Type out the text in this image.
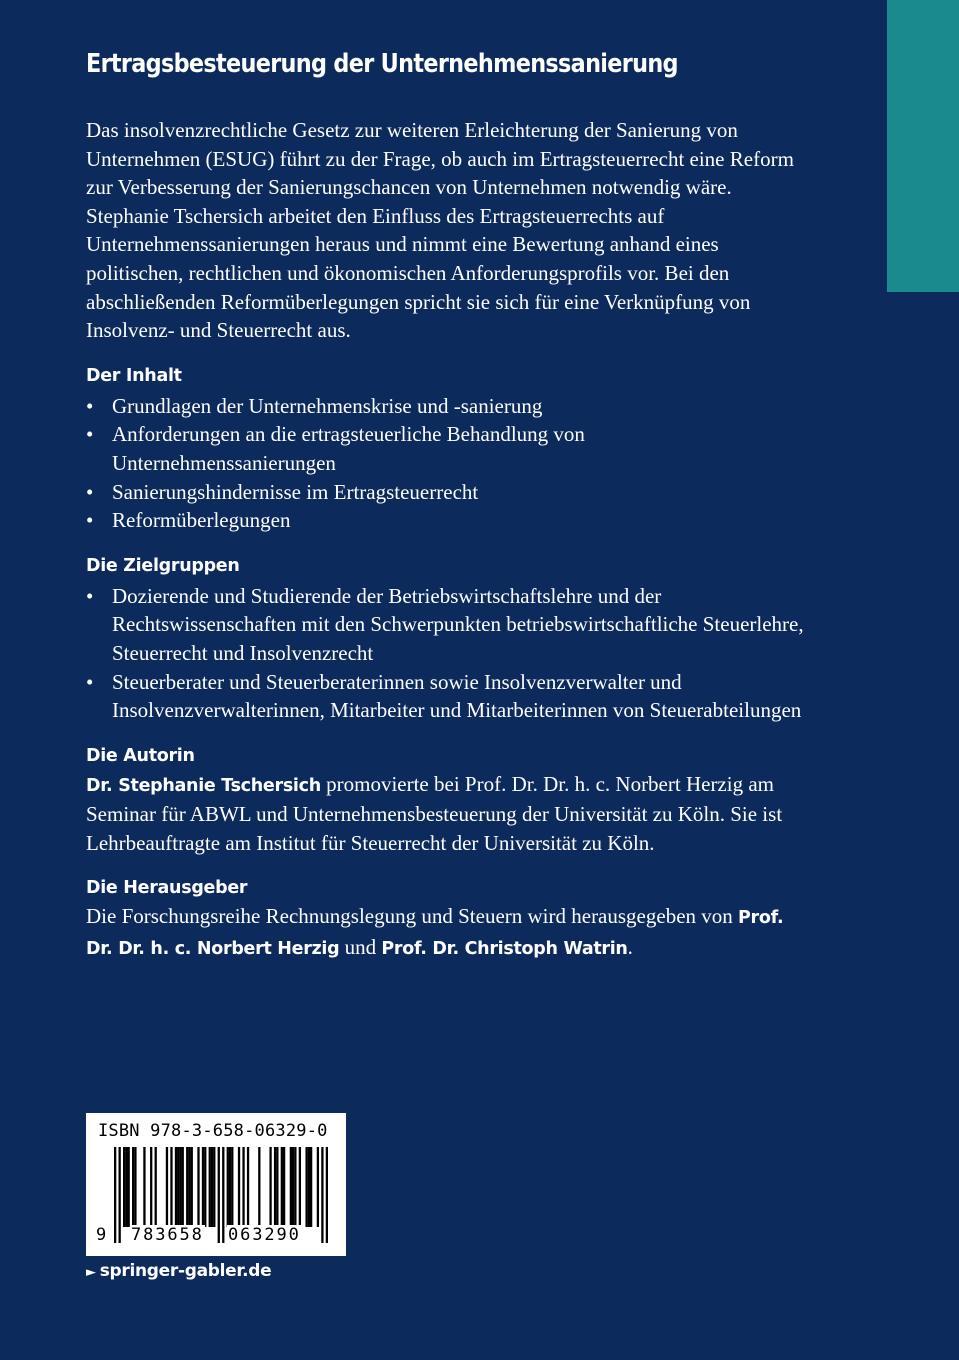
Ertragsbesteuerung der Unternehmenssanierung

Das insolvenzrechtliche Gesetz zur weiteren Erleichterung der Sanierung von Unternehmen (ESUG) führt zu der Frage, ob auch im Ertragsteuerrecht eine Reform zur Verbesserung der Sanierungschancen von Unternehmen notwendig wäre. Stephanie Tschersich arbeitet den Einfluss des Ertragsteuerrechts auf Unternehmenssanierungen heraus und nimmt eine Bewertung anhand eines politischen, rechtlichen und ökonomischen Anforderungsprofils vor. Bei den abschließenden Reformüberlegungen spricht sie sich für eine Verknüpfung von Insolvenz- und Steuerrecht aus.

Der Inhalt
• Grundlagen der Unternehmenskrise und -sanierung
• Anforderungen an die ertragsteuerliche Behandlung von Unternehmenssanierungen
• Sanierungshindernisse im Ertragsteuerrecht
• Reformüberlegungen
Die Zielgruppen
• Dozierende und Studierende der Betriebswirtschaftslehre und der Rechtswissenschaften mit den Schwerpunkten betriebswirtschaftliche Steuerlehre, Steuerrecht und Insolvenzrecht
• Steuerberater und Steuerberaterinnen sowie Insolvenzverwalter und Insolvenzverwalterinnen, Mitarbeiter und Mitarbeiterinnen von Steuerabteilungen
Die Autorin

Dr. Stephanie Tschersich promovierte bei Prof. Dr. Dr. h. c. Norbert Herzig am Seminar für ABWL und Unternehmensbesteuerung der Universität zu Köln. Sie ist Lehrbeauftragte am Institut für Steuerrecht der Universität zu Köln.

Die Herausgeber

Die Forschungsreihe Rechnungslegung und Steuern wird herausgegeben von Prof. Dr. Dr. h. c. Norbert Herzig und Prof. Dr. Christoph Watrin.

ISBN 978-3-658-06329-0
9 783658 063290
► springer-gabler.de
